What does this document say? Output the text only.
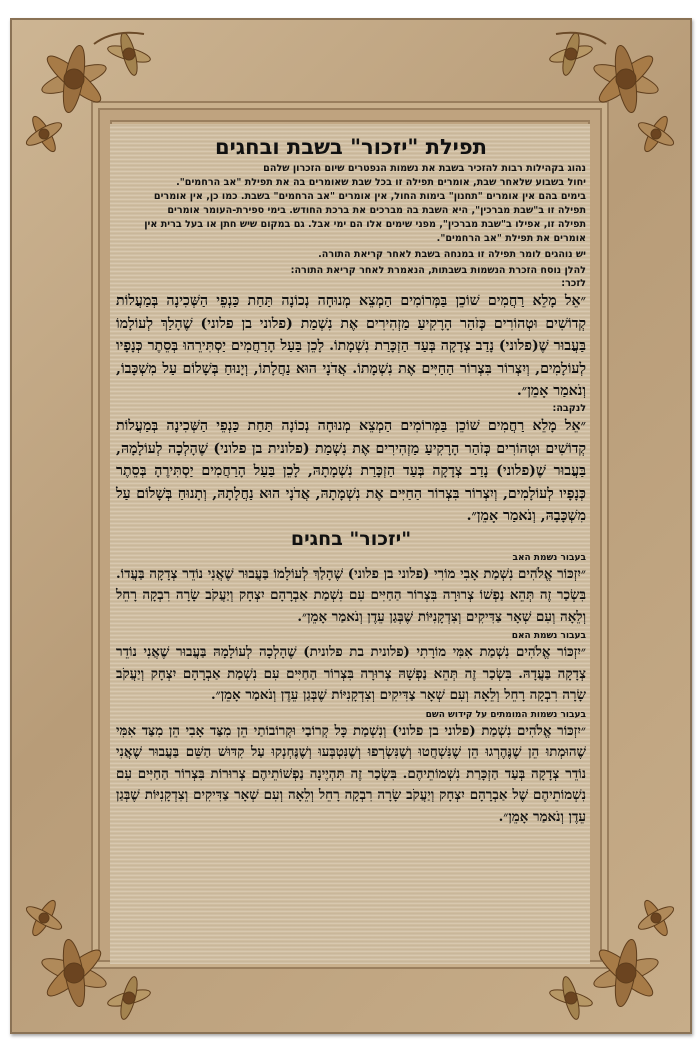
תפילת "יזכור" בשבת ובחגים

נהוג בקהילות רבות להזכיר בשבת את נשמות הנפטרים שיום הזכרון שלהם

יחול בשבוע שלאחר שבת, אומרים תפילה זו בכל שבת שאומרים בה את תפילת "אב הרחמים".

בימים בהם אין אומרים "תחנון" בימות החול, אין אומרים "אב הרחמים" בשבת. כמו כן, אין אומרים

תפילה זו ב"שבת מברכין", היא השבת בה מברכים את ברכת החודש. בימי ספירת-העומר אומרים

תפילה זו, אפילו ב"שבת מברכין", מפני שימים אלו הם ימי אבל. גם במקום שיש חתן או בעל ברית אין

אומרים את תפילת "אב הרחמים".

יש נוהגים לומר תפילה זו במנחה בשבת לאחר קריאת התורה.
להלן נוסח הזכרת הנשמות בשבתות, הנאמרת לאחר קריאת התורה:
לזכר:
״אֵל מָלֵא רַחֲמִים שׁוֹכֵן בַּמְּרוֹמִים הַמְצֵא מְנוּחָה נְכוֹנָה תַּחַת כַּנְפֵי הַשְּׁכִינָה בְּמַעֲלוֹת קְדוֹשִׁים וּטְהוֹרִים כְּזֹהַר הָרָקִיעַ מַזְהִירִים אֶת נִשְׁמַת (פלוני בן פלוני) שֶׁהָלַךְ לְעוֹלָמוֹ בַּעֲבוּר שֶׁ(פלוני) נָדַב צְדָקָה בְּעַד הַזְכָּרַת נִשְׁמָתוֹ. לָכֵן בַּעַל הָרַחֲמִים יַסְתִּירֵהוּ בְּסֵתֶר כְּנָפָיו לְעוֹלָמִים, וְיִצְרוֹר בִּצְרוֹר הַחַיִּים אֶת נִשְׁמָתוֹ. אֲדֹנָי הוּא נַחֲלָתוֹ, וְיָנוּחַ בְּשָׁלוֹם עַל מִשְׁכָּבוֹ, וְנֹאמַר אָמֵן״.
לנקבה:
״אֵל מָלֵא רַחֲמִים שׁוֹכֵן בַּמְּרוֹמִים הַמְצֵא מְנוּחָה נְכוֹנָה תַּחַת כַּנְפֵי הַשְּׁכִינָה בְּמַעֲלוֹת קְדוֹשִׁים וּטְהוֹרִים כְּזֹהַר הָרָקִיעַ מַזְהִירִים אֶת נִשְׁמַת (פלונית בן פלוני) שֶׁהָלְכָה לְעוֹלָמָהּ, בַּעֲבוּר שֶׁ(פלוני) נָדַב צְדָקָה בְּעַד הַזְכָּרַת נִשְׁמָתָהּ, לָכֵן בַּעַל הָרַחֲמִים יַסְתִּירֶהָ בְּסֵתֶר כְּנָפָיו לְעוֹלָמִים, וְיִצְרוֹר בִּצְרוֹר הַחַיִּים אֶת נִשְׁמָתָהּ, אֲדֹנָי הוּא נַחֲלָתָהּ, וְתָנוּחַ בְּשָׁלוֹם עַל מִשְׁכָּבָהּ, וְנֹאמַר אָמֵן״.
"יזכור" בחגים
בעבור נשמת האב
״יִזְכּוֹר אֱלֹהִים נִשְׁמַת אָבִי מוֹרִי (פלוני בן פלוני) שֶׁהָלַךְ לְעוֹלָמוֹ בַּעֲבוּר שֶׁאֲנִי נוֹדֵר צְדָקָה בַּעֲדוֹ. בִּשְׂכַר זֶה תְּהֵא נַפְשׁוֹ צְרוּרָה בִּצְרוֹר הַחַיִּים עִם נִשְׁמַת אַבְרָהָם יִצְחָק וְיַעֲקֹב שָׂרָה רִבְקָה רָחֵל וְלֵאָה וְעִם שְׁאָר צַדִּיקִים וְצִדְקָנִיּוֹת שֶׁבְּגַן עֵדֶן וְנֹאמַר אָמֵן״.
בעבור נשמת האם
״יִזְכּוֹר אֱלֹהִים נִשְׁמַת אִמִּי מוֹרָתִי (פלונית בת פלונית) שֶׁהָלְכָה לְעוֹלָמָהּ בַּעֲבוּר שֶׁאֲנִי נוֹדֵר צְדָקָה בַּעֲדָהּ. בִּשְׂכַר זֶה תְּהֵא נַפְשָׁהּ צְרוּרָה בִּצְרוֹר הַחַיִּים עִם נִשְׁמַת אַבְרָהָם יִצְחָק וְיַעֲקֹב שָׂרָה רִבְקָה רָחֵל וְלֵאָה וְעִם שְׁאָר צַדִּיקִים וְצִדְקָנִיּוֹת שֶׁבְּגַן עֵדֶן וְנֹאמַר אָמֵן״.
בעבור נשמות המומתים על קידוש השם
״יִזְכּוֹר אֱלֹהִים נִשְׁמַת (פלוני בן פלוני) וְנִשְׁמַת כָּל קְרוֹבַי וּקְרוֹבוֹתַי הֵן מִצַּד אָבִי הֵן מִצַּד אִמִּי שֶׁהוּמְתוּ הֵן שֶׁנֶּהֶרְגוּ הֵן שֶׁנִּשְׁחֲטוּ וְשֶׁנִּשְׂרְפוּ וְשֶׁנִּטְבְּעוּ וְשֶׁנֶּחְנְקוּ עַל קִדּוּשׁ הַשֵּׁם בַּעֲבוּר שֶׁאֲנִי נוֹדֵר צְדָקָה בְּעַד הַזְכָּרַת נִשְׁמוֹתֵיהֶם. בִּשְׂכַר זֶה תִּהְיֶינָה נַפְשׁוֹתֵיהֶם צְרוּרוֹת בִּצְרוֹר הַחַיִּים עִם נִשְׁמוֹתֵיהֶם שֶׁל אַבְרָהָם יִצְחָק וְיַעֲקֹב שָׂרָה רִבְקָה רָחֵל וְלֵאָה וְעִם שְׁאָר צַדִּיקִים וְצִדְקָנִיּוֹת שֶׁבְּגַן עֵדֶן וְנֹאמַר אָמֵן״.
